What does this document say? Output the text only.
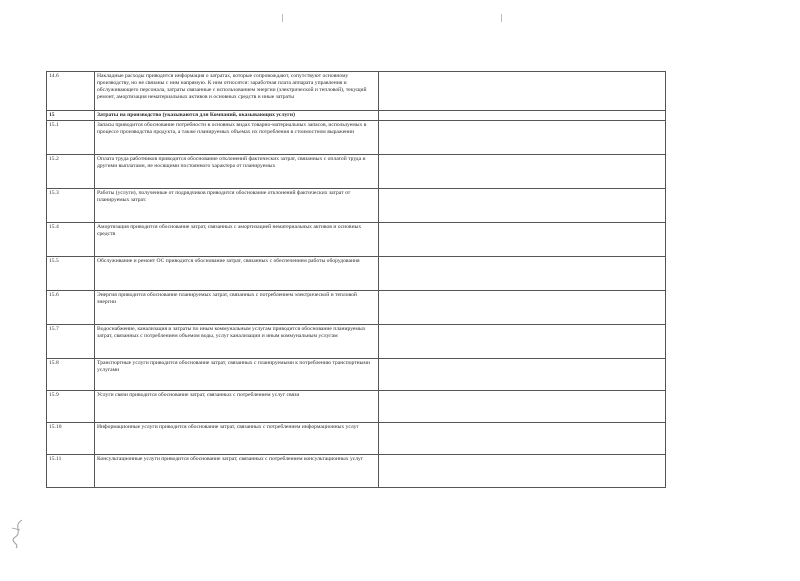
14.6	Накладные расходы приводится информация о затратах, которые сопровождают, сопутствуют основному производству, но не связаны с ним напрямую. К ним относятся: заработная плата аппарата управления и обслуживающего персонала, затраты связанные с использованием энергии (электрической и тепловой), текущий ремонт, амортизация нематериальных активов и основных средств и иные затраты	
15	Затраты на производство (указываются для Компаний, оказывающих услуги)	
15.1	Запасы приводится обоснование потребности в основных видах товарно-материальных запасов, используемых в процессе производства продукта, а также планируемых объемах их потребления в стоимостном выражении	
15.2	Оплата труда работников приводится обоснование отклонений фактических затрат, связанных с оплатой труда и другими выплатами, не носящими постоянного характера от планируемых	
15.3	Работы (услуги), полученные от подрядчиков приводится обоснование отклонений фактических затрат от планируемых затрат.	
15.4	Амортизация приводится обоснование затрат, связанных с амортизацией нематериальных активов и основных средств	
15.5	Обслуживание и ремонт ОС приводится обоснование затрат, связанных с обеспечением работы оборудования	
15.6	Энергия приводится обоснование планируемых затрат, связанных с потреблением электрической и тепловой энергии	
15.7	Водоснабжение, канализация и затраты по иным коммунальным услугам приводится обоснование планируемых затрат, связанных с потреблением объемом воды, услуг канализации и иным коммунальным услугам	
15.8	Транспортные услуги приводится обоснование затрат, связанных с планируемыми к потреблению транспортными услугами	
15.9	Услуги связи приводится обоснование затрат, связанных с потреблением услуг связи	
15.10	Информационные услуги приводится обоснование затрат, связанных с потреблением информационных услуг	
15.11	Консультационные услуги приводится обоснование затрат, связанных с потреблением консультационных услуг	
